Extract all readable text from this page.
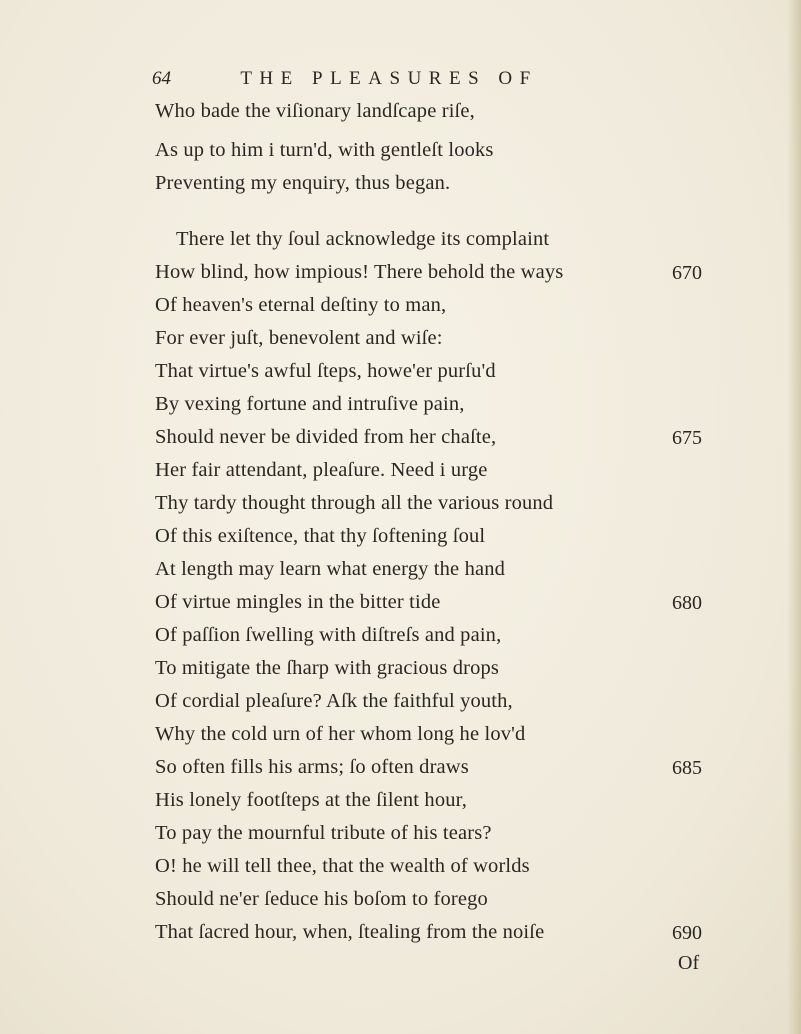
64	THE PLEASURES OF
Who bade the viſionary landſcape riſe,
As up to him i turn'd, with gentleſt looks
Preventing my enquiry, thus began.
There let thy ſoul acknowledge its complaint
How blind, how impious! There behold the ways
Of heaven's eternal deſtiny to man,
For ever juſt, benevolent and wiſe:
That virtue's awful ſteps, howe'er purſu'd
By vexing fortune and intruſive pain,
Should never be divided from her chaſte,
Her fair attendant, pleaſure. Need i urge
Thy tardy thought through all the various round
Of this exiſtence, that thy ſoftening ſoul
At length may learn what energy the hand
Of virtue mingles in the bitter tide
Of paſſion ſwelling with diſtreſs and pain,
To mitigate the ſharp with gracious drops
Of cordial pleaſure? Aſk the faithful youth,
Why the cold urn of her whom long he lov'd
So often fills his arms; ſo often draws
His lonely footſteps at the ſilent hour,
To pay the mournful tribute of his tears?
O! he will tell thee, that the wealth of worlds
Should ne'er ſeduce his boſom to forego
That ſacred hour, when, ſtealing from the noiſe
670
675
680
685
690
Of
